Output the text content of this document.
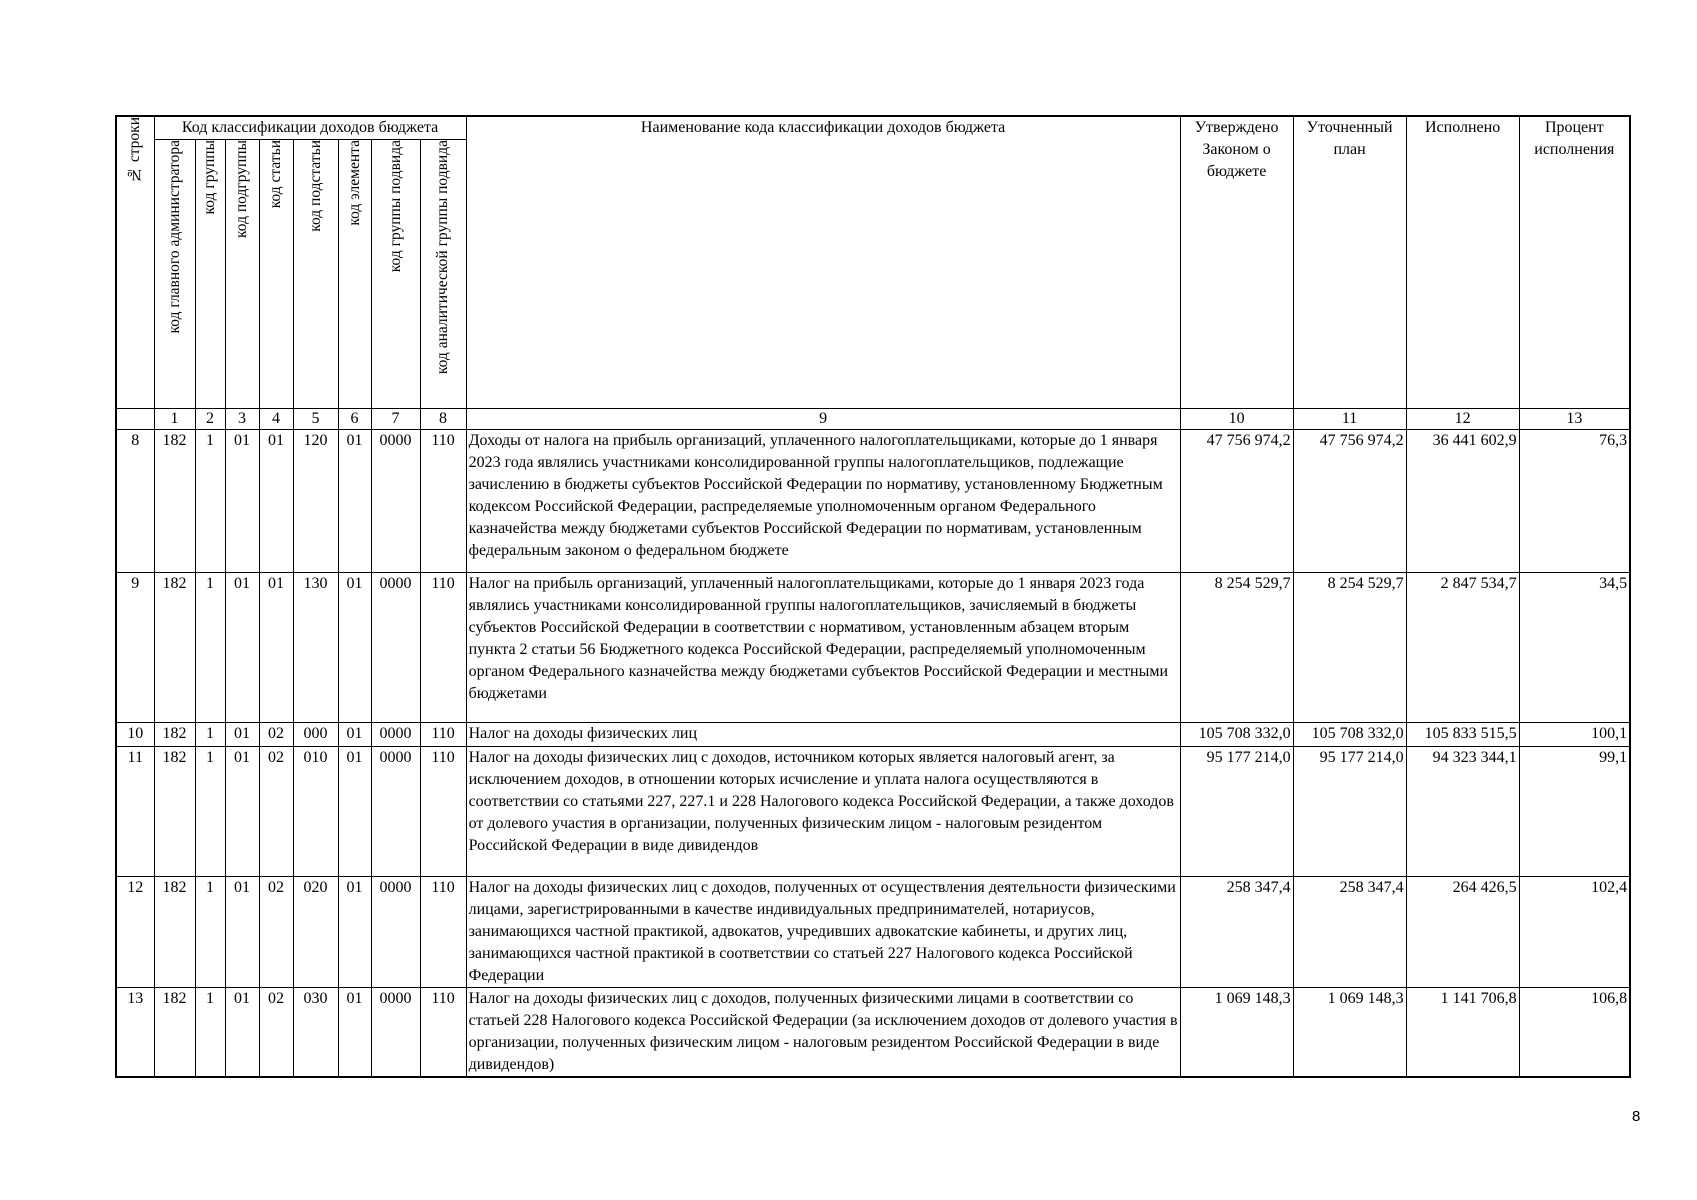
№ строки	Код классификации доходов бюджета								Наименование кода классификации доходов бюджета	Утверждено Законом о бюджете	Уточненный план	Исполнено	Процент исполнения

	код главного администратора	код группы	код подгруппы	код статьи	код подстатьи	код элемента	код группы подвида	код аналитической группы подвида					

	1	2	3	4	5	6	7	8	9	10	11	12	13
8	182	1	01	01	120	01	0000	110	Доходы от налога на прибыль организаций, уплаченного налогоплательщиками, которые до 1 января 2023 года являлись участниками консолидированной группы налогоплательщиков, подлежащие зачислению в бюджеты субъектов Российской Федерации по нормативу, установленному Бюджетным кодексом Российской Федерации, распределяемые уполномоченным органом Федерального казначейства между бюджетами субъектов Российской Федерации по нормативам, установленным федеральным законом о федеральном бюджете	47 756 974,2	47 756 974,2	36 441 602,9	76,3
9	182	1	01	01	130	01	0000	110	Налог на прибыль организаций, уплаченный налогоплательщиками, которые до 1 января 2023 года являлись участниками консолидированной группы налогоплательщиков, зачисляемый в бюджеты субъектов Российской Федерации в соответствии с нормативом, установленным абзацем вторым пункта 2 статьи 56 Бюджетного кодекса Российской Федерации, распределяемый уполномоченным органом Федерального казначейства между бюджетами субъектов Российской Федерации и местными бюджетами	8 254 529,7	8 254 529,7	2 847 534,7	34,5
10	182	1	01	02	000	01	0000	110	Налог на доходы физических лиц	105 708 332,0	105 708 332,0	105 833 515,5	100,1
11	182	1	01	02	010	01	0000	110	Налог на доходы физических лиц с доходов, источником которых является налоговый агент, за исключением доходов, в отношении которых исчисление и уплата налога осуществляются в соответствии со статьями 227, 227.1 и 228 Налогового кодекса Российской Федерации, а также доходов от долевого участия в организации, полученных физическим лицом - налоговым резидентом Российской Федерации в виде дивидендов	95 177 214,0	95 177 214,0	94 323 344,1	99,1
12	182	1	01	02	020	01	0000	110	Налог на доходы физических лиц с доходов, полученных от осуществления деятельности физическими лицами, зарегистрированными в качестве индивидуальных предпринимателей, нотариусов, занимающихся частной практикой, адвокатов, учредивших адвокатские кабинеты, и других лиц, занимающихся частной практикой в соответствии со статьей 227 Налогового кодекса Российской Федерации	258 347,4	258 347,4	264 426,5	102,4
13	182	1	01	02	030	01	0000	110	Налог на доходы физических лиц с доходов, полученных физическими лицами в соответствии со статьей 228 Налогового кодекса Российской Федерации (за исключением доходов от долевого участия в организации, полученных физическим лицом - налоговым резидентом Российской Федерации в виде дивидендов)	1 069 148,3	1 069 148,3	1 141 706,8	106,8
8
